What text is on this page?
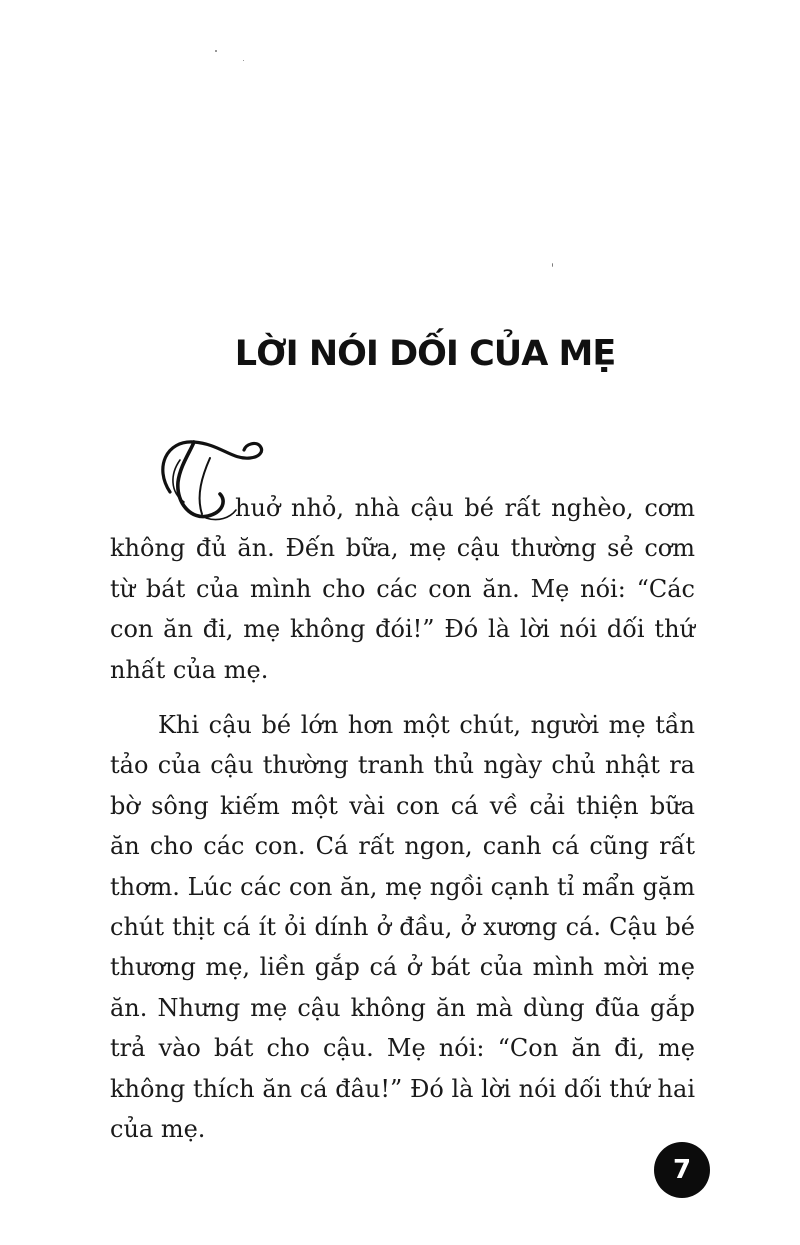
LỜI NÓI DỐI CỦA MẸ

huở nhỏ, nhà cậu bé rất nghèo, cơm
không đủ ăn. Đến bữa, mẹ cậu thường sẻ cơm từ bát của mình cho các con ăn. Mẹ nói: “Các con ăn đi, mẹ không đói!” Đó là lời nói dối thứ nhất của mẹ.

Khi cậu bé lớn hơn một chút, người mẹ tần tảo của cậu thường tranh thủ ngày chủ nhật ra bờ sông kiếm một vài con cá về cải thiện bữa ăn cho các con. Cá rất ngon, canh cá cũng rất thơm. Lúc các con ăn, mẹ ngồi cạnh tỉ mẩn gặm chút thịt cá ít ỏi dính ở đầu, ở xương cá. Cậu bé thương mẹ, liền gắp cá ở bát của mình mời mẹ ăn. Nhưng mẹ cậu không ăn mà dùng đũa gắp trả vào bát cho cậu. Mẹ nói: “Con ăn đi, mẹ không thích ăn cá đâu!” Đó là lời nói dối thứ hai của mẹ.

7
